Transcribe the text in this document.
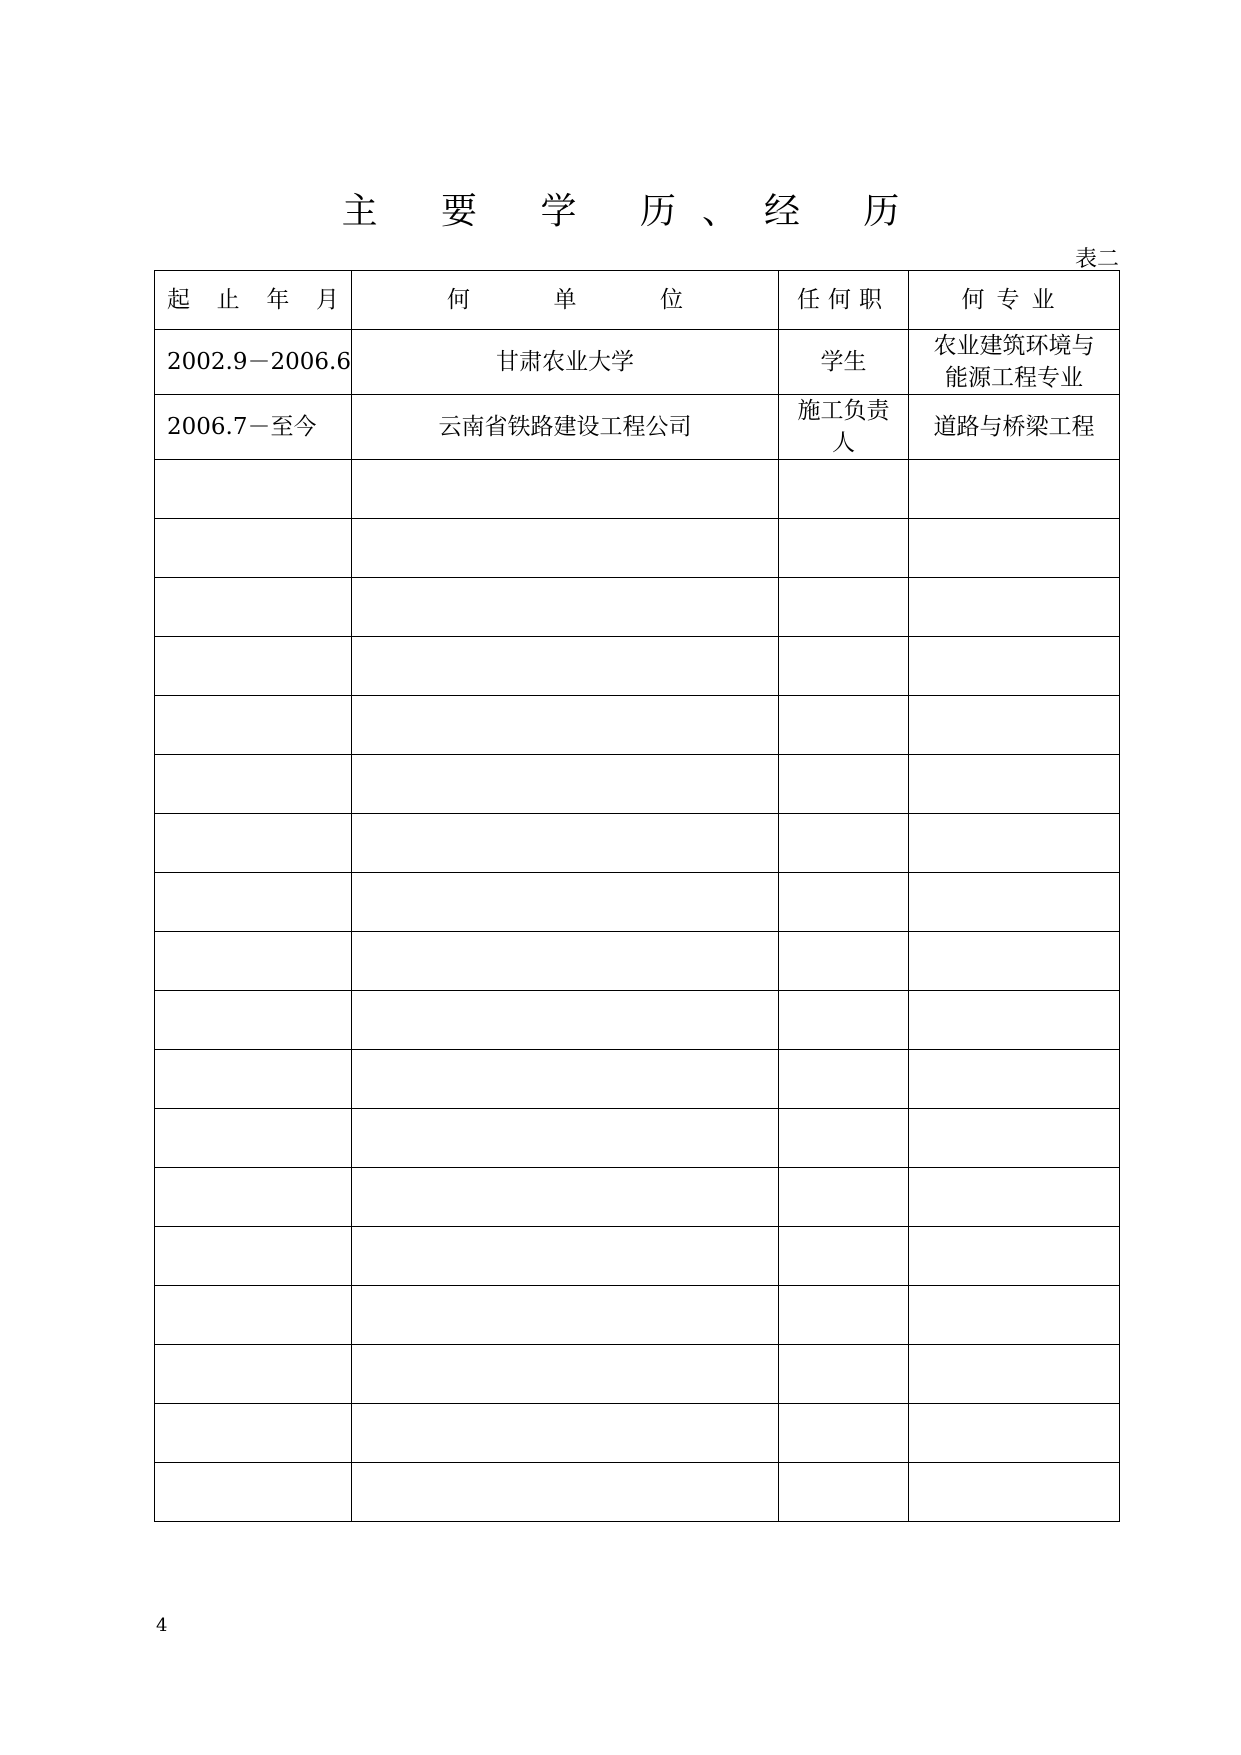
主 要 学 历、经 历
表二
起 止 年 月	何 单 位	任何职	何专业
2002.9－2006.6	甘肃农业大学	学生	农业建筑环境与能源工程专业

2006.7－至今	云南省铁路建设工程公司	施工负责人	道路与桥梁工程

4
